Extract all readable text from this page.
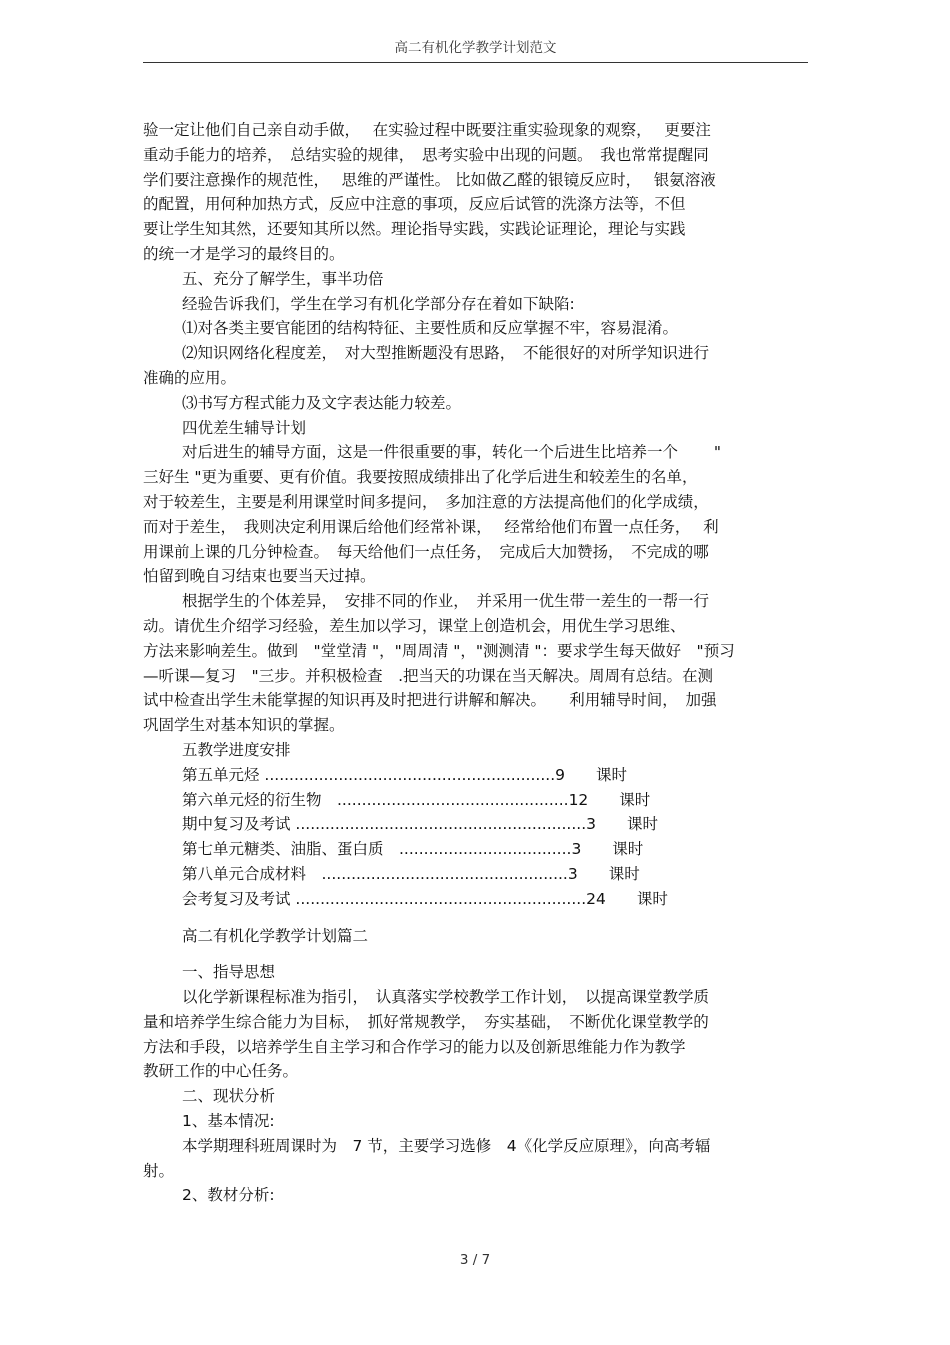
高二有机化学教学计划范文

验一定让他们自己亲自动手做，　 在实验过程中既要注重实验现象的观察，　 更要注

重动手能力的培养，　总结实验的规律，　思考实验中出现的问题。　我也常常提醒同

学们要注意操作的规范性，　 思维的严谨性。 比如做乙醛的银镜反应时，　 银氨溶液

的配置，用何种加热方式，反应中注意的事项，反应后试管的洗涤方法等，不但

要让学生知其然，还要知其所以然。理论指导实践，实践论证理论，理论与实践

的统一才是学习的最终目的。

五、充分了解学生，事半功倍

经验告诉我们，学生在学习有机化学部分存在着如下缺陷:

⑴对各类主要官能团的结构特征、主要性质和反应掌握不牢，容易混淆。

⑵知识网络化程度差，　对大型推断题没有思路，　不能很好的对所学知识进行

准确的应用。

⑶书写方程式能力及文字表达能力较差。

四优差生辅导计划

对后进生的辅导方面，这是一件很重要的事，转化一个后进生比培养一个　　 "

三好生 "更为重要、更有价值。我要按照成绩排出了化学后进生和较差生的名单，

对于较差生，主要是利用课堂时间多提问，　多加注意的方法提高他们的化学成绩，

而对于差生，　我则决定利用课后给他们经常补课，　 经常给他们布置一点任务，　 利

用课前上课的几分钟检查。　每天给他们一点任务，　完成后大加赞扬，　不完成的哪

怕留到晚自习结束也要当天过掉。

根据学生的个体差异，　安排不同的作业，　并采用一优生带一差生的一帮一行

动。请优生介绍学习经验，差生加以学习，课堂上创造机会，用优生学习思维、

方法来影响差生。做到　"堂堂清 "，"周周清 "，"测测清 "：要求学生每天做好　"预习

—听课—复习　"三步。并积极检查　.把当天的功课在当天解决。周周有总结。在测

试中检查出学生未能掌握的知识再及时把进行讲解和解决。　　利用辅导时间，　加强

巩固学生对基本知识的掌握。

五教学进度安排

第五单元烃 ...........................................................9　　课时

第六单元烃的衍生物　...............................................12　　课时

期中复习及考试 ...........................................................3　　课时

第七单元糖类、油脂、蛋白质　...................................3　　课时

第八单元合成材料　..................................................3　　课时

会考复习及考试 ...........................................................24　　课时

高二有机化学教学计划篇二

一、指导思想

以化学新课程标准为指引，　认真落实学校教学工作计划，　以提高课堂教学质

量和培养学生综合能力为目标，　抓好常规教学，　夯实基础，　不断优化课堂教学的

方法和手段，以培养学生自主学习和合作学习的能力以及创新思维能力作为教学

教研工作的中心任务。

二、现状分析

1、基本情况:

本学期理科班周课时为　7 节，主要学习选修　4《化学反应原理》，向高考辐

射。

2、教材分析:

3 / 7
